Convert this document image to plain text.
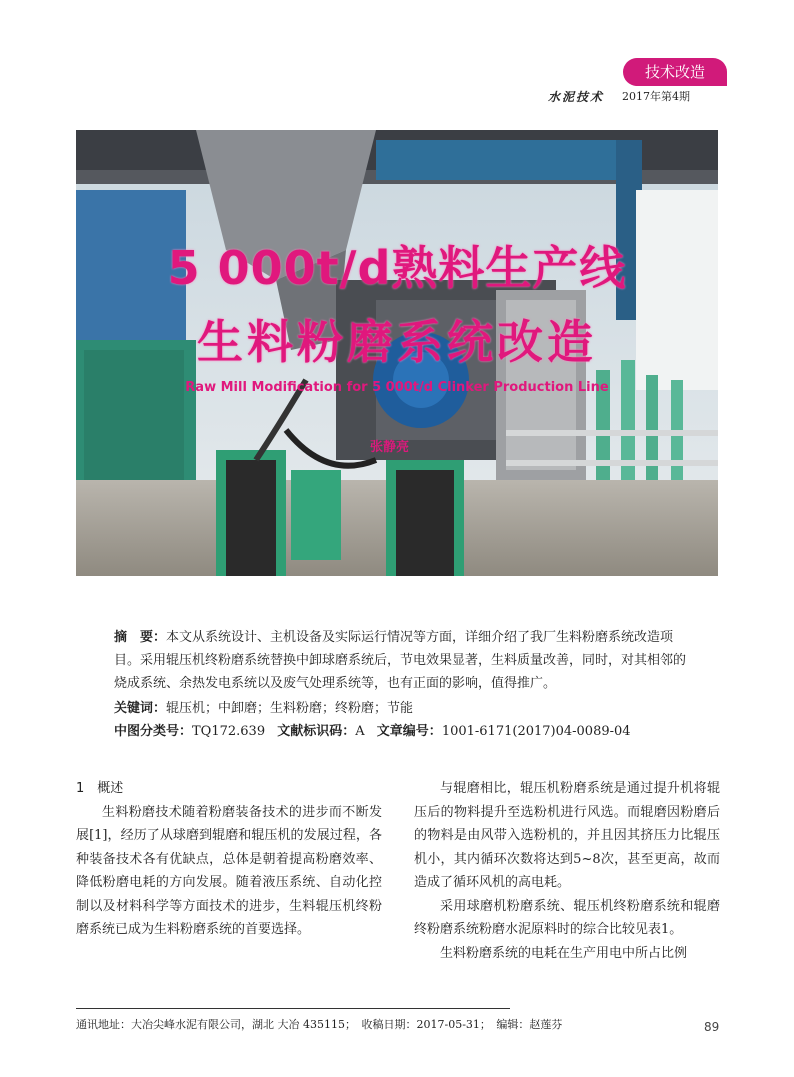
技术改造
水泥技术 2017年第4期
5 000t/d熟料生产线
生料粉磨系统改造
Raw Mill Modification for 5 000t/d Clinker Production Line
张静亮
摘　要：本文从系统设计、主机设备及实际运行情况等方面，详细介绍了我厂生料粉磨系统改造项目。采用辊压机终粉磨系统替换中卸球磨系统后，节电效果显著，生料质量改善，同时，对其相邻的烧成系统、余热发电系统以及废气处理系统等，也有正面的影响，值得推广。
关键词：辊压机；中卸磨；生料粉磨；终粉磨；节能
中图分类号：TQ172.639 文献标识码：A 文章编号：1001-6171(2017)04-0089-04
1　概述
生料粉磨技术随着粉磨装备技术的进步而不断发展[1]，经历了从球磨到辊磨和辊压机的发展过程，各种装备技术各有优缺点，总体是朝着提高粉磨效率、降低粉磨电耗的方向发展。随着液压系统、自动化控制以及材料科学等方面技术的进步，生料辊压机终粉磨系统已成为生料粉磨系统的首要选择。
与辊磨相比，辊压机粉磨系统是通过提升机将辊压后的物料提升至选粉机进行风选。而辊磨因粉磨后的物料是由风带入选粉机的，并且因其挤压力比辊压机小，其内循环次数将达到5~8次，甚至更高，故而造成了循环风机的高电耗。
采用球磨机粉磨系统、辊压机终粉磨系统和辊磨终粉磨系统粉磨水泥原料时的综合比较见表1。
生料粉磨系统的电耗在生产用电中所占比例
通讯地址：大冶尖峰水泥有限公司，湖北 大冶 435115；　收稿日期：2017-05-31；　编辑：赵莲芬	89
